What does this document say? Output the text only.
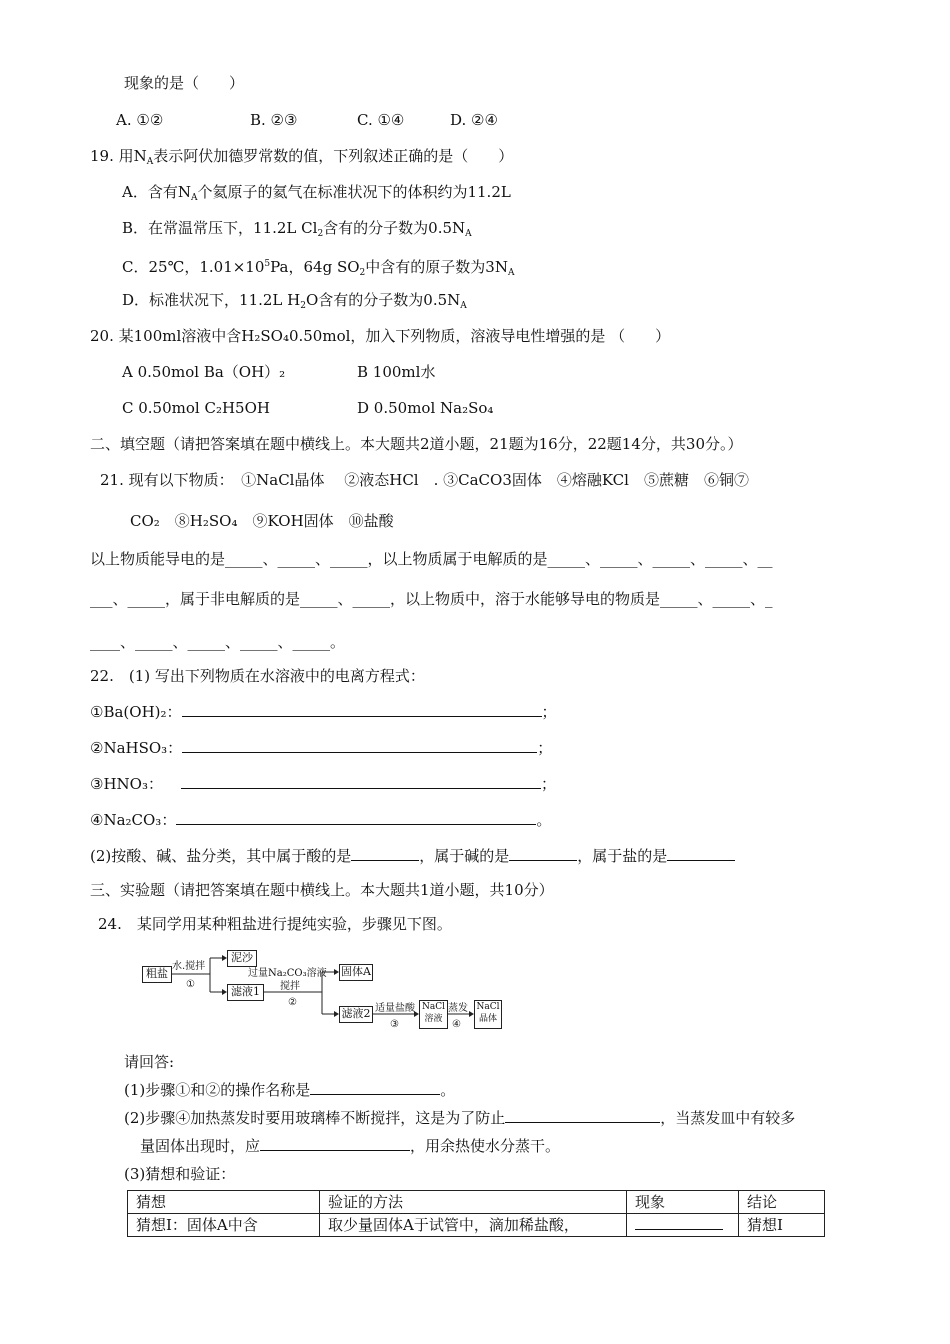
现象的是（　　）
A. ①②	B. ②③	C. ①④	D. ②④
19. 用$N_A$表示阿伏加德罗常数的值，下列叙述正确的是（　　）
A．含有$N_A$个氦原子的氦气在标准状况下的体积约为11.2L
B．在常温常压下，11.2L $Cl_2$含有的分子数为$0.5N_A$
C．25℃，$1.01\times 10^5Pa$，64g $SO_2$中含有的原子数为$3N_A$
D．标准状况下，11.2L $H_2O$含有的分子数为$0.5N_A$
20. 某100ml溶液中含H₂SO₄0.50mol，加入下列物质，溶液导电性增强的是 （　　）
A 0.50mol Ba（OH）₂	B 100ml水
C 0.50mol C₂H5OH	D 0.50mol Na₂So₄
二、填空题（请把答案填在题中横线上。本大题共2道小题，21题为16分，22题14分，共30分。）
21. 现有以下物质：　①NaCl晶体　 ②液态HCl　. ③CaCO3固体　④熔融KCl　⑤蔗糖　⑥铜⑦
CO₂　⑧H₂SO₄　⑨KOH固体　⑩盐酸
以上物质能导电的是_____、_____、_____，以上物质属于电解质的是_____、_____、_____、_____、__
___、_____，属于非电解质的是_____、_____，以上物质中，溶于水能够导电的物质是_____、_____、_
____、_____、_____、_____、_____。
22.　(1) 写出下列物质在水溶液中的电离方程式：
①Ba(OH)₂：	；
②NaHSO₃：	；
③HNO₃：	；
④Na₂CO₃：	。
(2)按酸、碱、盐分类，其中属于酸的是	，属于碱的是	，属于盐的是
三、实验题（请把答案填在题中横线上。本大题共1道小题，共10分）
24.　某同学用某种粗盐进行提纯实验，步骤见下图。
粗盐
水.搅拌
①
泥沙
滤液1
过量Na₂CO₃溶液
搅拌
②
固体A
滤液2 适量盐酸
③
NaCl
溶液
蒸发
④
NaCl
晶体
请回答:
(1)步骤①和②的操作名称是	。
(2)步骤④加热蒸发时要用玻璃棒不断搅拌，这是为了防止	，当蒸发皿中有较多
量固体出现时，应	，用余热使水分蒸干。
(3)猜想和验证：
猜想	验证的方法	现象	结论
猜想Ⅰ：固体A中含	取少量固体A于试管中，滴加稀盐酸，		猜想Ⅰ
